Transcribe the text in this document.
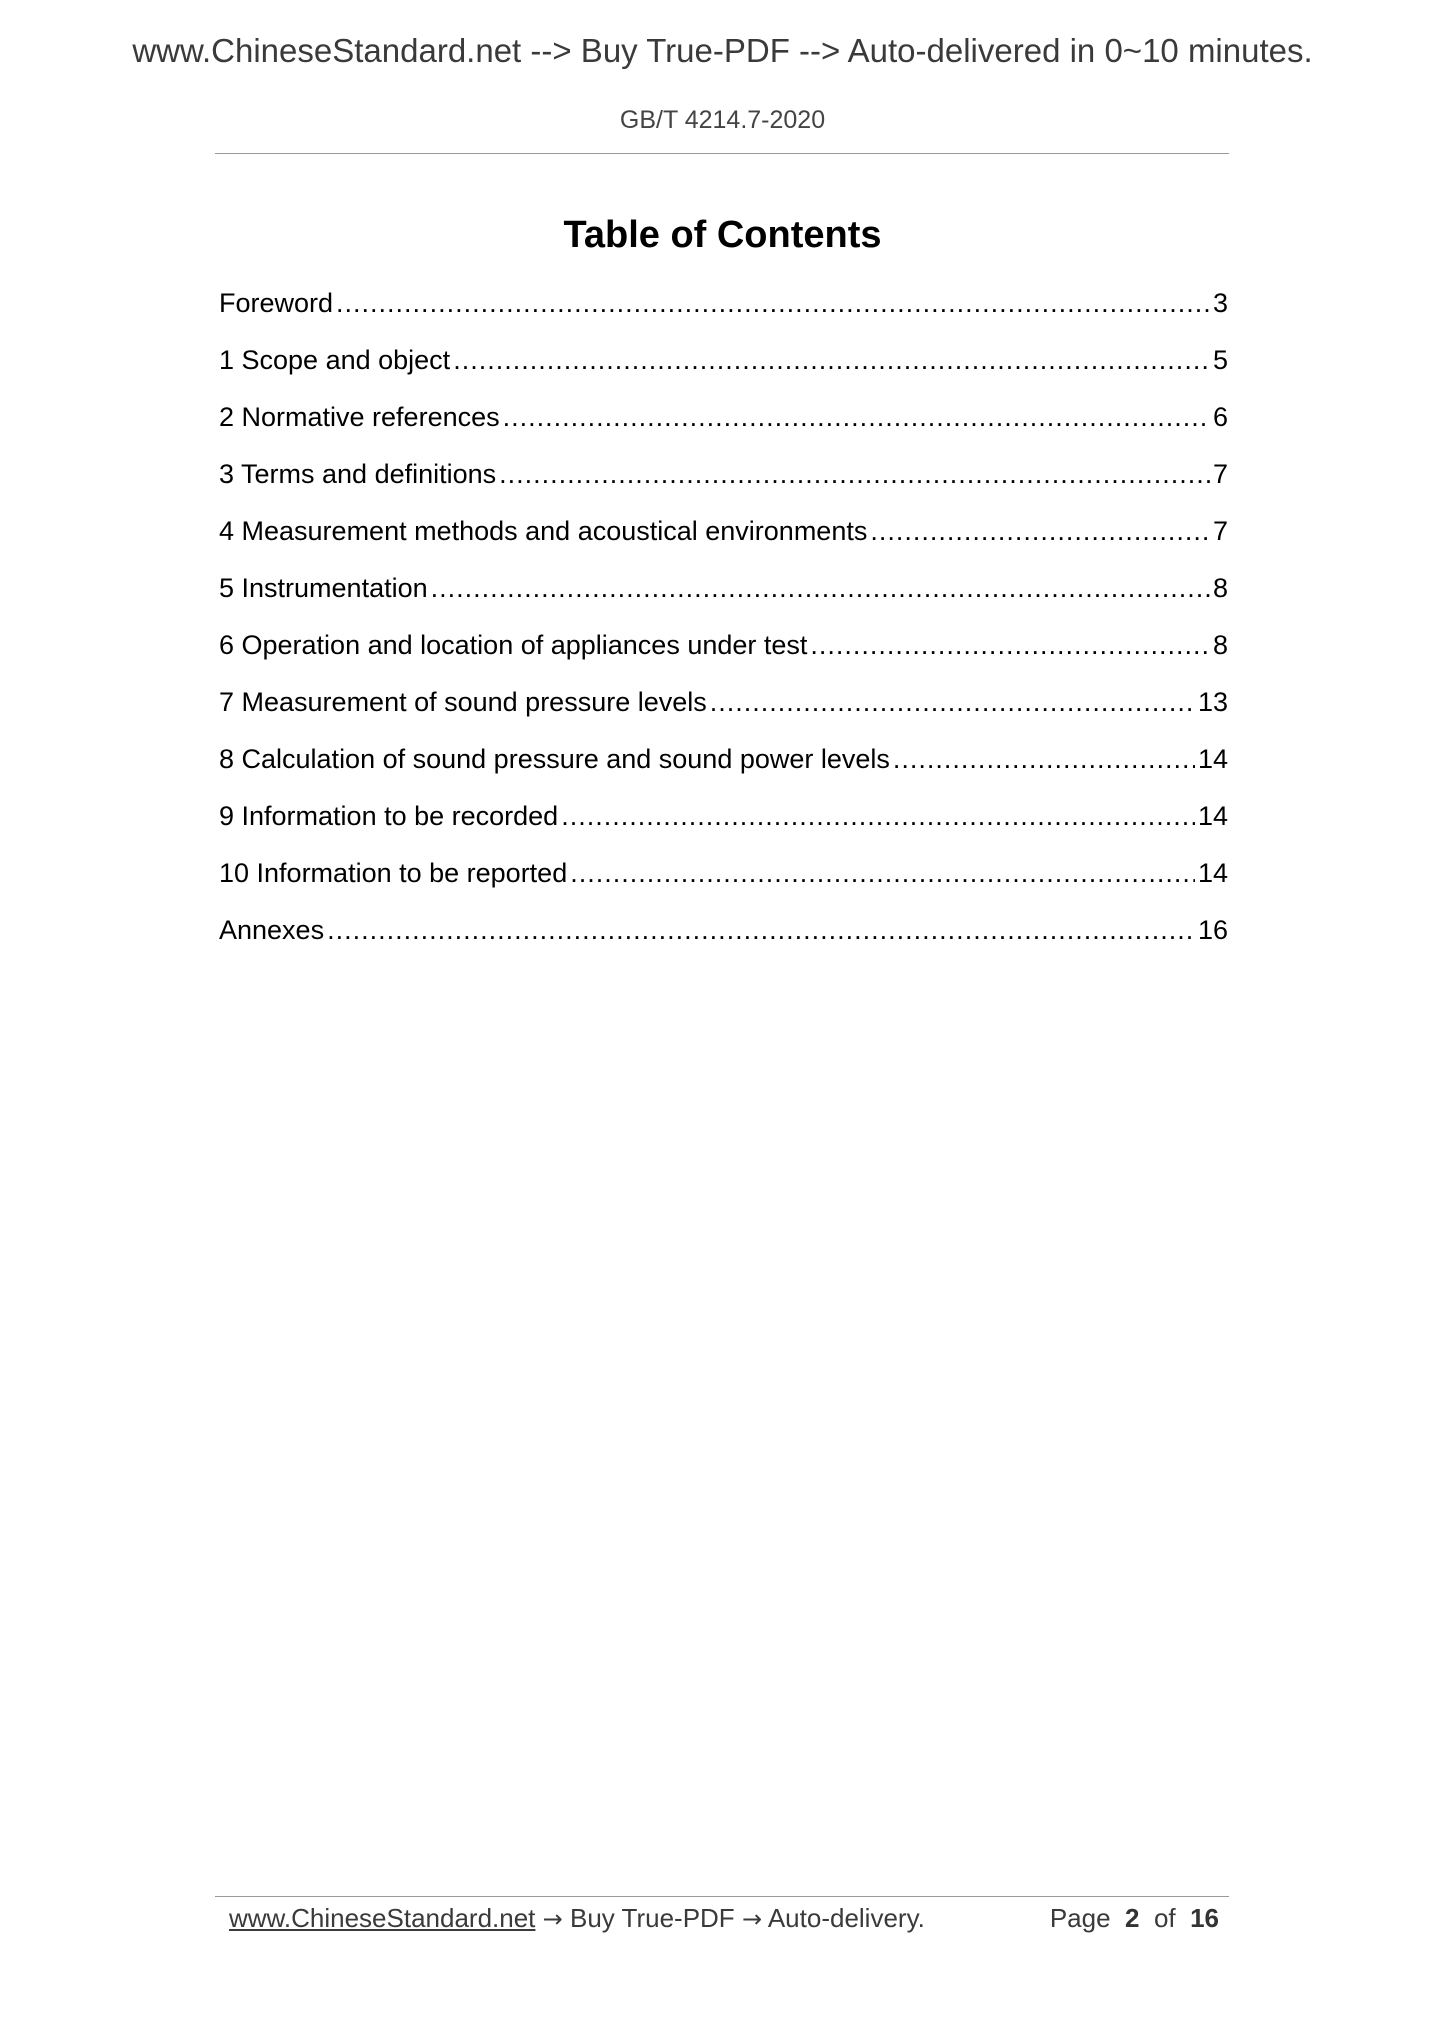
www.ChineseStandard.net --> Buy True-PDF --> Auto-delivered in 0~10 minutes.
GB/T 4214.7-2020
Table of Contents
Foreword .....	3
1 Scope and object .....	5
2 Normative references .....	6
3 Terms and definitions .....	7
4 Measurement methods and acoustical environments .....	7
5 Instrumentation .....	8
6 Operation and location of appliances under test .....	8
7 Measurement of sound pressure levels .....	13
8 Calculation of sound pressure and sound power levels .....	14
9 Information to be recorded .....	14
10 Information to be reported .....	14
Annexes .....	16
www.ChineseStandard.net → Buy True-PDF → Auto-delivery.	Page 2 of 16
